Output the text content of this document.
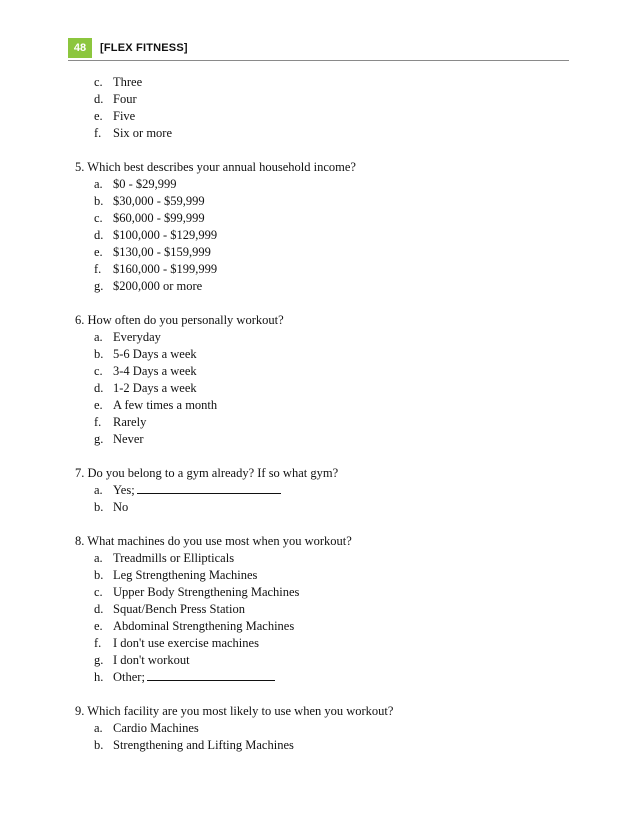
48	[FLEX FITNESS]
c. Three
d. Four
e. Five
f. Six or more
5. Which best describes your annual household income?
a. $0 - $29,999
b. $30,000 - $59,999
c. $60,000 - $99,999
d. $100,000 - $129,999
e. $130,00 - $159,999
f. $160,000 - $199,999
g. $200,000 or more
6. How often do you personally workout?
a. Everyday
b. 5-6 Days a week
c. 3-4 Days a week
d. 1-2 Days a week
e. A few times a month
f. Rarely
g. Never
7. Do you belong to a gym already? If so what gym?
a. Yes;
b. No
8. What machines do you use most when you workout?
a. Treadmills or Ellipticals
b. Leg Strengthening Machines
c. Upper Body Strengthening Machines
d. Squat/Bench Press Station
e. Abdominal Strengthening Machines
f. I don't use exercise machines
g. I don't workout
h. Other;
9. Which facility are you most likely to use when you workout?
a. Cardio Machines
b. Strengthening and Lifting Machines
